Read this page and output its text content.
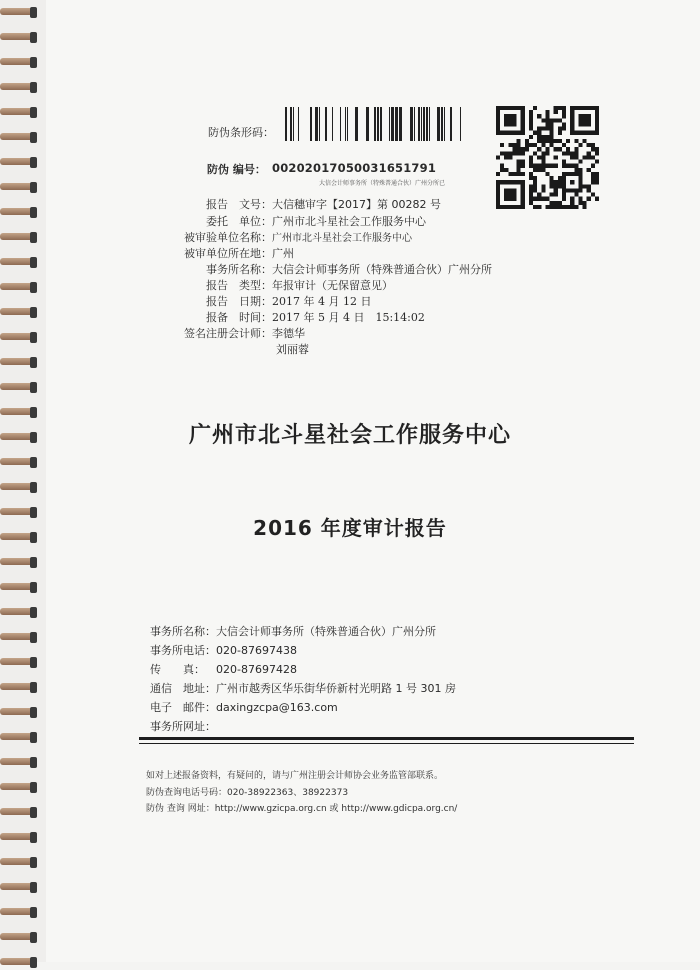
防伪条形码：
防伪 编号： 00202017050031651791
大信会计师事务所（特殊普通合伙）广州分所已
报告　文号：大信穗审字【2017】第 00282 号
委托　单位：广州市北斗星社会工作服务中心
被审验单位名称：广州市北斗星社会工作服务中心
被审单位所在地：广州
事务所名称：大信会计师事务所（特殊普通合伙）广州分所
报告　类型：年报审计（无保留意见）
报告　日期：2017 年 4 月 12 日
报备　时间：2017 年 5 月 4 日　15:14:02
签名注册会计师：李德华
刘丽蓉
广州市北斗星社会工作服务中心
2016 年度审计报告
事务所名称：大信会计师事务所（特殊普通合伙）广州分所
事务所电话：020-87697438
传　　真： 020-87697428
通信　地址：广州市越秀区华乐街华侨新村光明路 1 号 301 房
电子　邮件：daxingzcpa@163.com
事务所网址：
如对上述报备资料，有疑问的，请与广州注册会计师协会业务监管部联系。
防伪查询电话号码：020-38922363、38922373
防伪 查询 网址：http://www.gzicpa.org.cn 或 http://www.gdicpa.org.cn/
